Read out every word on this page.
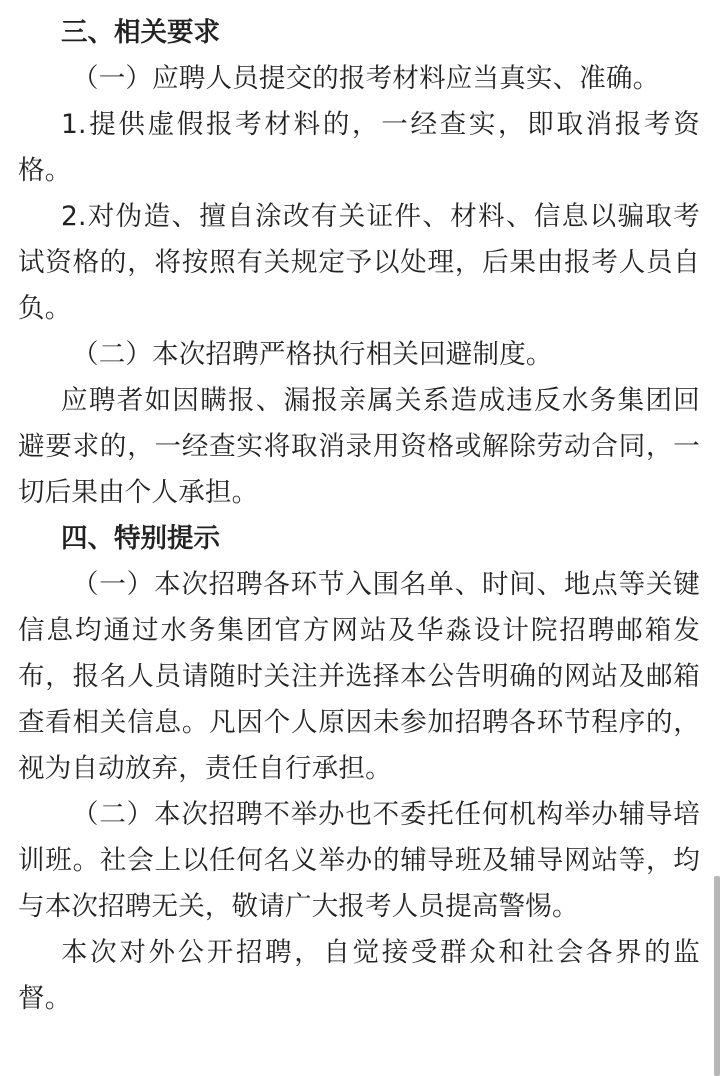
三、相关要求

（一）应聘人员提交的报考材料应当真实、准确。

1.提供虚假报考材料的，一经查实，即取消报考资格。

2.对伪造、擅自涂改有关证件、材料、信息以骗取考试资格的，将按照有关规定予以处理，后果由报考人员自负。

（二）本次招聘严格执行相关回避制度。

应聘者如因瞒报、漏报亲属关系造成违反水务集团回避要求的，一经查实将取消录用资格或解除劳动合同，一切后果由个人承担。

四、特别提示

（一）本次招聘各环节入围名单、时间、地点等关键信息均通过水务集团官方网站及华淼设计院招聘邮箱发布，报名人员请随时关注并选择本公告明确的网站及邮箱查看相关信息。凡因个人原因未参加招聘各环节程序的，视为自动放弃，责任自行承担。

（二）本次招聘不举办也不委托任何机构举办辅导培训班。社会上以任何名义举办的辅导班及辅导网站等，均与本次招聘无关，敬请广大报考人员提高警惕。

本次对外公开招聘，自觉接受群众和社会各界的监督。
